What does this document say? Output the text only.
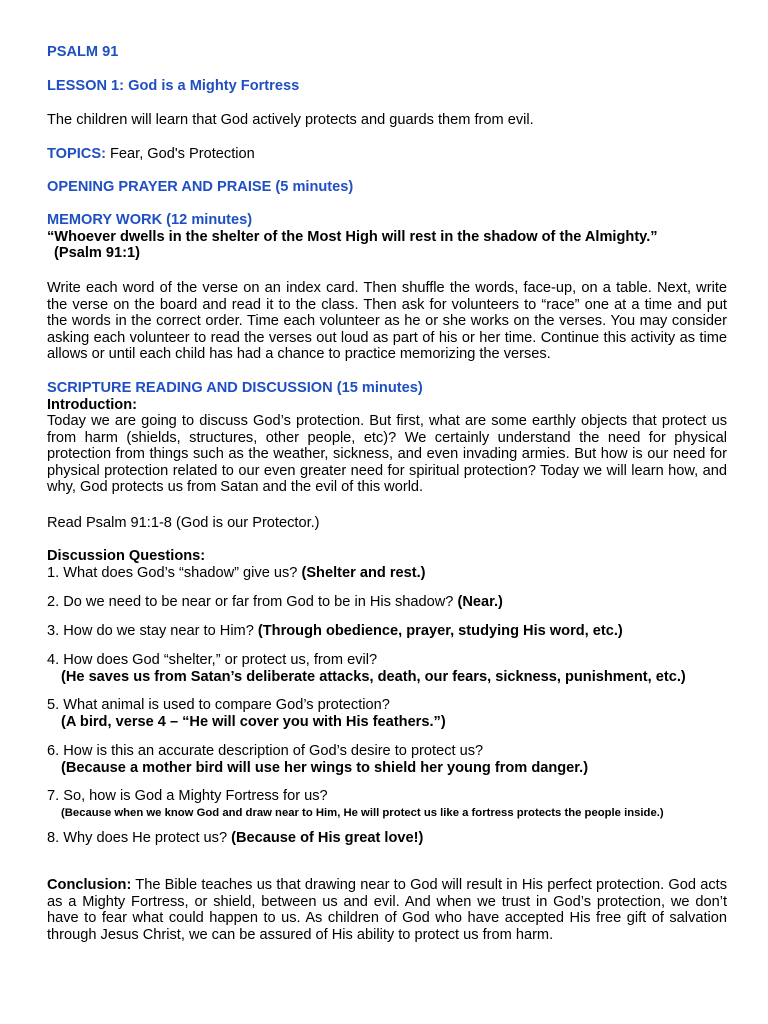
PSALM 91

LESSON 1: God is a Mighty Fortress

The children will learn that God actively protects and guards them from evil.

TOPICS: Fear, God's Protection

OPENING PRAYER AND PRAISE (5 minutes)

MEMORY WORK (12 minutes)
“Whoever dwells in the shelter of the Most High will rest in the shadow of the Almighty.”
(Psalm 91:1)

Write each word of the verse on an index card. Then shuffle the words, face-up, on a table. Next, write the verse on the board and read it to the class. Then ask for volunteers to “race” one at a time and put the words in the correct order. Time each volunteer as he or she works on the verses. You may consider asking each volunteer to read the verses out loud as part of his or her time. Continue this activity as time allows or until each child has had a chance to practice memorizing the verses.

SCRIPTURE READING AND DISCUSSION (15 minutes)
Introduction:
Today we are going to discuss God’s protection. But first, what are some earthly objects that protect us from harm (shields, structures, other people, etc)? We certainly understand the need for physical protection from things such as the weather, sickness, and even invading armies. But how is our need for physical protection related to our even greater need for spiritual protection? Today we will learn how, and why, God protects us from Satan and the evil of this world.

Read Psalm 91:1-8 (God is our Protector.)

Discussion Questions:
1. What does God’s “shadow” give us? (Shelter and rest.)

2. Do we need to be near or far from God to be in His shadow? (Near.)

3. How do we stay near to Him? (Through obedience, prayer, studying His word, etc.)

4. How does God “shelter,” or protect us, from evil?
(He saves us from Satan’s deliberate attacks, death, our fears, sickness, punishment, etc.)
5. What animal is used to compare God’s protection?
(A bird, verse 4 – “He will cover you with His feathers.”)
6. How is this an accurate description of God’s desire to protect us?
(Because a mother bird will use her wings to shield her young from danger.)
7. So, how is God a Mighty Fortress for us?
(Because when we know God and draw near to Him, He will protect us like a fortress protects the people inside.)

8. Why does He protect us? (Because of His great love!)

Conclusion: The Bible teaches us that drawing near to God will result in His perfect protection. God acts as a Mighty Fortress, or shield, between us and evil. And when we trust in God’s protection, we don’t have to fear what could happen to us. As children of God who have accepted His free gift of salvation through Jesus Christ, we can be assured of His ability to protect us from harm.
